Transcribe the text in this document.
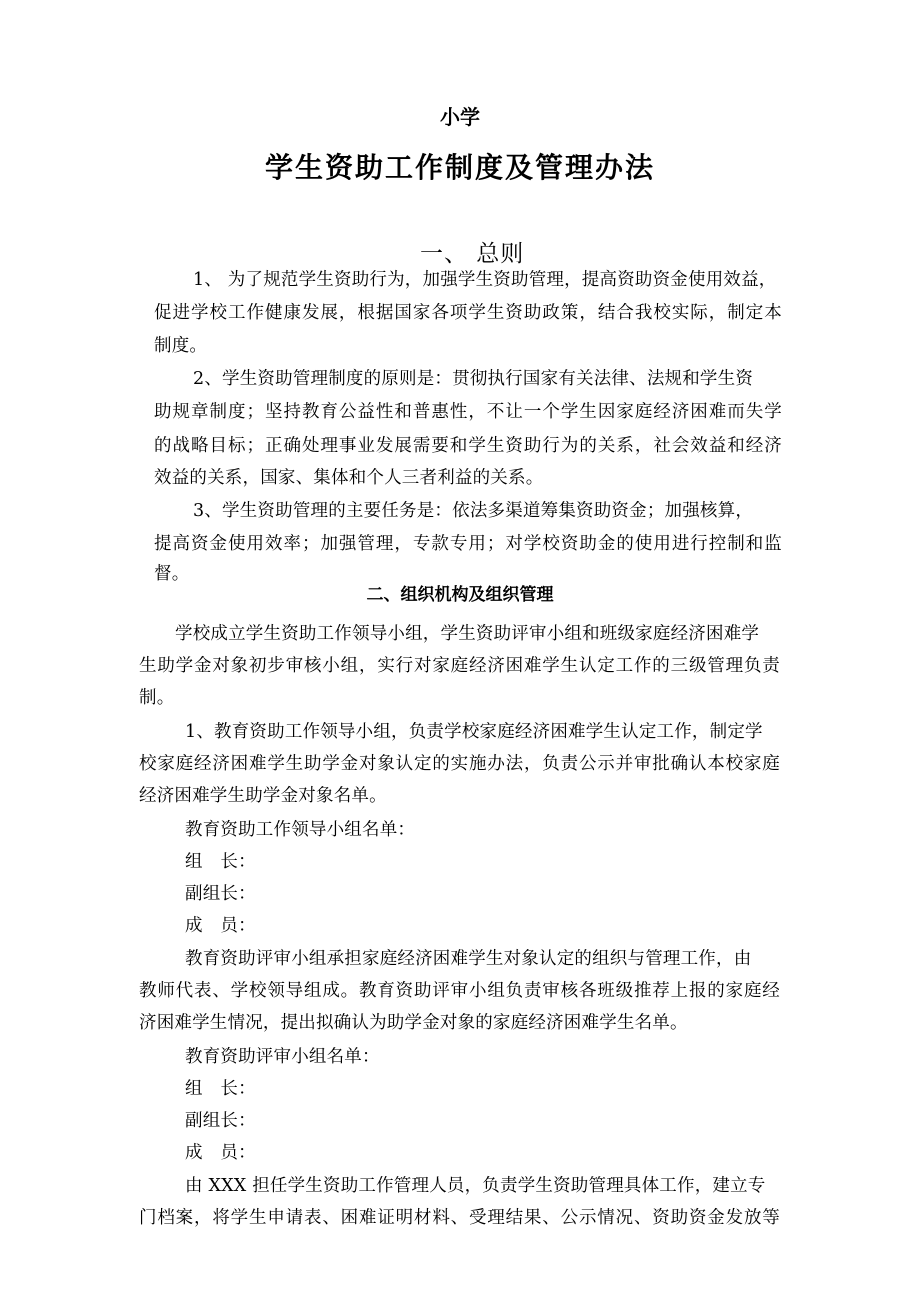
小学
学生资助工作制度及管理办法
一、 总则

1、 为了规范学生资助行为，加强学生资助管理，提高资助资金使用效益，

促进学校工作健康发展，根据国家各项学生资助政策，结合我校实际，制定本

制度。

2、学生资助管理制度的原则是：贯彻执行国家有关法律、法规和学生资

助规章制度；坚持教育公益性和普惠性，不让一个学生因家庭经济困难而失学

的战略目标；正确处理事业发展需要和学生资助行为的关系，社会效益和经济

效益的关系，国家、集体和个人三者利益的关系。

3、学生资助管理的主要任务是：依法多渠道筹集资助资金；加强核算，

提高资金使用效率；加强管理，专款专用；对学校资助金的使用进行控制和监

督。

二、组织机构及组织管理

学校成立学生资助工作领导小组，学生资助评审小组和班级家庭经济困难学

生助学金对象初步审核小组，实行对家庭经济困难学生认定工作的三级管理负责

制。

1、教育资助工作领导小组，负责学校家庭经济困难学生认定工作，制定学

校家庭经济困难学生助学金对象认定的实施办法，负责公示并审批确认本校家庭

经济困难学生助学金对象名单。

教育资助工作领导小组名单：

组　长：

副组长：

成　员：

教育资助评审小组承担家庭经济困难学生对象认定的组织与管理工作，由

教师代表、学校领导组成。教育资助评审小组负责审核各班级推荐上报的家庭经

济困难学生情况，提出拟确认为助学金对象的家庭经济困难学生名单。

教育资助评审小组名单：

组　长：

副组长：

成　员：

由 XXX 担任学生资助工作管理人员，负责学生资助管理具体工作，建立专

门档案，将学生申请表、困难证明材料、受理结果、公示情况、资助资金发放等
